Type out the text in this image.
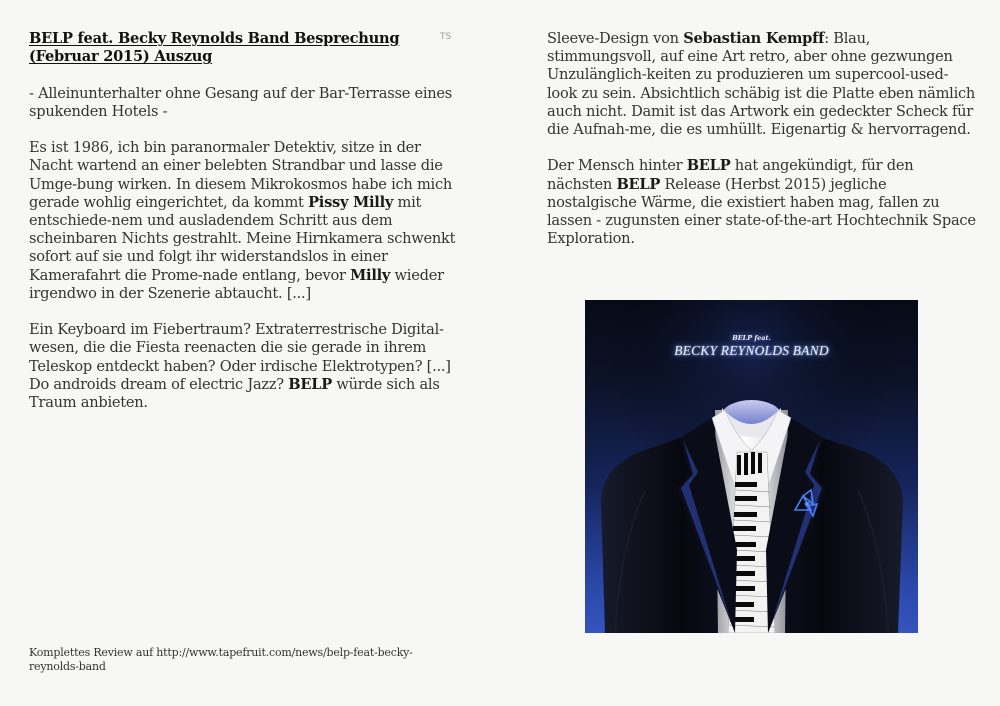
BELP feat. Becky Reynolds Band Besprechung (Februar 2015) Auszug

- Alleinunterhalter ohne Gesang auf der Bar-Terrasse eines spukenden Hotels -

Es ist 1986, ich bin paranormaler Detektiv, sitze in der Nacht wartend an einer belebten Strandbar und lasse die Umge-bung wirken. In diesem Mikrokosmos habe ich mich gerade wohlig eingerichtet, da kommt Pissy Milly mit entschiede-nem und ausladendem Schritt aus dem scheinbaren Nichts gestrahlt. Meine Hirnkamera schwenkt sofort auf sie und folgt ihr widerstandslos in einer Kamerafahrt die Prome-nade entlang, bevor Milly wieder irgendwo in der Szenerie abtaucht. [...]

Ein Keyboard im Fiebertraum? Extraterrestrische Digital-wesen, die die Fiesta reenacten die sie gerade in ihrem Teleskop entdeckt haben? Oder irdische Elektrotypen? [...] Do androids dream of electric Jazz? BELP würde sich als Traum anbieten.

TS	Sleeve-Design von Sebastian Kempff: Blau, stimmungsvoll, auf eine Art retro, aber ohne gezwungen Unzulänglich-keiten zu produzieren um supercool-used-look zu sein. Absichtlich schäbig ist die Platte eben nämlich auch nicht. Damit ist das Artwork ein gedeckter Scheck für die Aufnah-me, die es umhüllt. Eigenartig & hervorragend.

Der Mensch hinter BELP hat angekündigt, für den nächsten BELP Release (Herbst 2015) jegliche nostalgische Wärme, die existiert haben mag, fallen zu lassen - zugunsten einer state-of-the-art Hochtechnik Space Exploration.

Komplettes Review auf http://www.tapefruit.com/news/belp-feat-becky-reynolds-band
BELP feat.
BECKY REYNOLDS BAND
